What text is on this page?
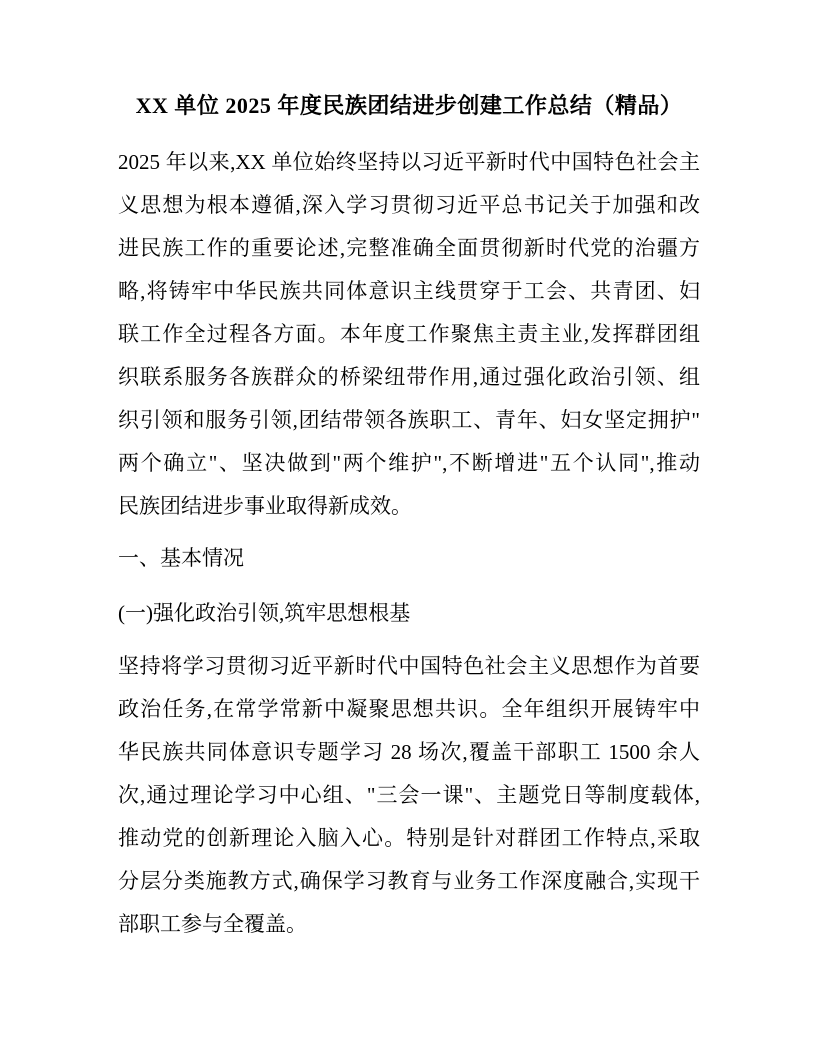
XX 单位 2025 年度民族团结进步创建工作总结（精品）
2025 年以来,XX 单位始终坚持以习近平新时代中国特色社会主
义思想为根本遵循,深入学习贯彻习近平总书记关于加强和改
进民族工作的重要论述,完整准确全面贯彻新时代党的治疆方
略,将铸牢中华民族共同体意识主线贯穿于工会、共青团、妇
联工作全过程各方面。本年度工作聚焦主责主业,发挥群团组
织联系服务各族群众的桥梁纽带作用,通过强化政治引领、组
织引领和服务引领,团结带领各族职工、青年、妇女坚定拥护"
两个确立"、坚决做到"两个维护",不断增进"五个认同",推动
民族团结进步事业取得新成效。
一、基本情况
(一)强化政治引领,筑牢思想根基
坚持将学习贯彻习近平新时代中国特色社会主义思想作为首要
政治任务,在常学常新中凝聚思想共识。全年组织开展铸牢中
华民族共同体意识专题学习 28 场次,覆盖干部职工 1500 余人
次,通过理论学习中心组、"三会一课"、主题党日等制度载体,
推动党的创新理论入脑入心。特别是针对群团工作特点,采取
分层分类施教方式,确保学习教育与业务工作深度融合,实现干
部职工参与全覆盖。
